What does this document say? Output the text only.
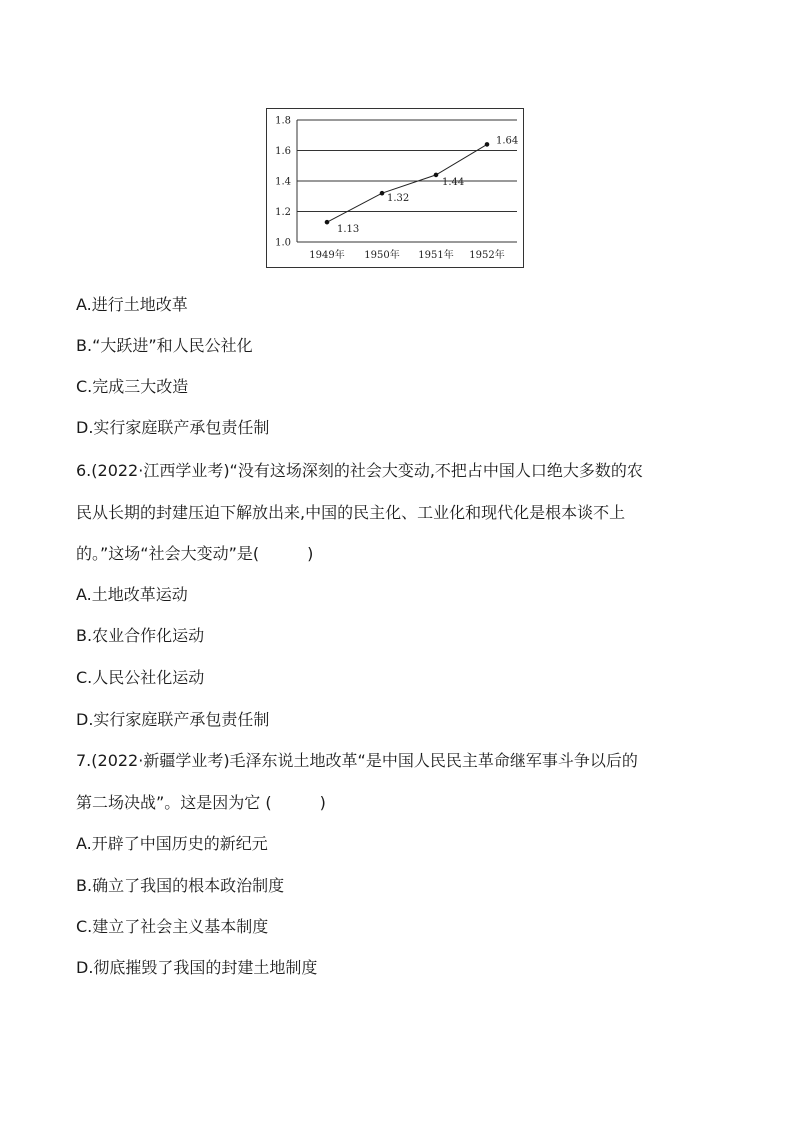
1.0
1.2
1.4
1.6
1.8
1949年 1950年 1951年 1952年
1.13
1.32
1.44
1.64
A.进行土地改革
B.“大跃进”和人民公社化
C.完成三大改造
D.实行家庭联产承包责任制
6.(2022·江西学业考)“没有这场深刻的社会大变动,不把占中国人口绝大多数的农
民从长期的封建压迫下解放出来,中国的民主化、工业化和现代化是根本谈不上
的。”这场“社会大变动”是(　　　)
A.土地改革运动
B.农业合作化运动
C.人民公社化运动
D.实行家庭联产承包责任制
7.(2022·新疆学业考)毛泽东说土地改革“是中国人民民主革命继军事斗争以后的
第二场决战”。这是因为它 (　　　)
A.开辟了中国历史的新纪元
B.确立了我国的根本政治制度
C.建立了社会主义基本制度
D.彻底摧毁了我国的封建土地制度
